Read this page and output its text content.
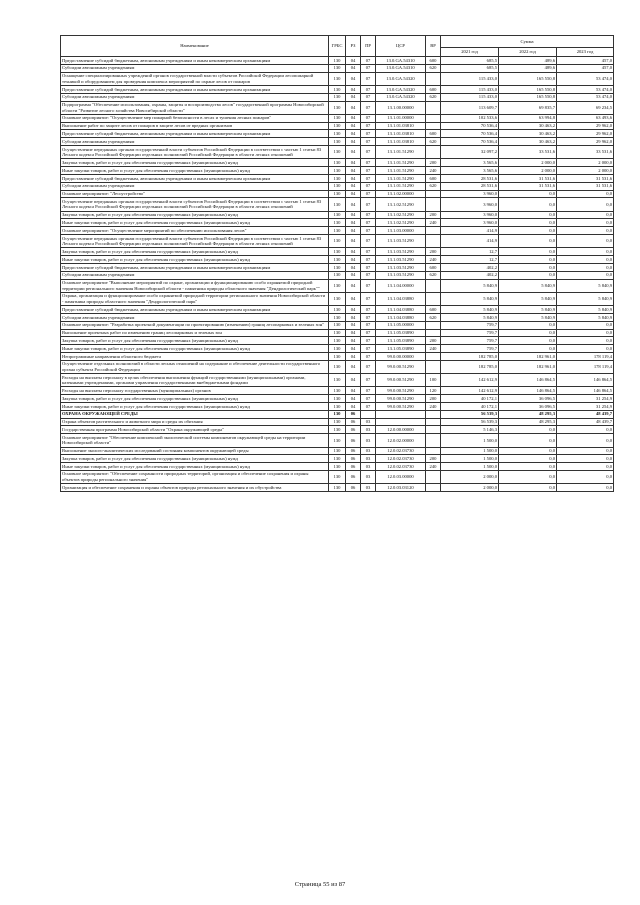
Наименование	ГРБС	РЗ	ПР	ЦСР	ВР	Сумма		
						2021 год	2022 год	2023 год
Предоставление субсидий бюджетным, автономным учреждениям и иным некоммерческим организациям	130	04	07	13.0.GA.54310	600	685,5	489,6	457,0
Субсидии автономным учреждениям	130	04	07	13.0.GA.54310	620	685,5	489,6	457,0
Оснащение специализированных учреждений органов государственной власти субъектов Российской Федерации лесопожарной техникой и оборудованием для проведения комплекса мероприятий по охране лесов от пожаров	130	04	07	13.0.GA.54320		115 433,0	165 550,8	53 474,0
Предоставление субсидий бюджетным, автономным учреждениям и иным некоммерческим организациям	130	04	07	13.0.GA.54320	600	115 433,0	165 550,8	53 474,0
Субсидии автономным учреждениям	130	04	07	13.0.GA.54320	620	115 433,0	165 550,8	53 474,0
Подпрограмма "Обеспечение использования, охраны, защиты и воспроизводства лесов" государственной программы Новосибирской области "Развитие лесного хозяйства Новосибирской области"	130	04	07	13.1.00.00000		113 609,7	69 835,7	69 234,5
Основное мероприятие: "Осуществление мер пожарной безопасности в лесах и тушения лесных пожаров"	130	04	07	13.1.01.00000		102 533,6	63 994,8	63 493,6
Выполнение работ по защите лесов от пожаров в защите лесов от вредных организмов	130	04	07	13.1.01.03810		70 536,4	30 463,2	29 962,0
Предоставление субсидий бюджетным, автономным учреждениям и иным некоммерческим организациям	130	04	07	13.1.01.03810	600	70 536,4	30 463,2	29 962,0
Субсидии автономным учреждениям	130	04	07	13.1.01.03810	620	70 536,4	30 463,2	29 962,0
Осуществление переданных органам государственной власти субъектов Российской Федерации в соответствии с частью 1 статьи 83 Лесного кодекса Российской Федерации отдельных полномочий Российской Федерации в области лесных отношений	130	04	07	13.1.01.51290		32 097,2	33 531,6	33 531,6
Закупка товаров, работ и услуг для обеспечения государственных (муниципальных) нужд	130	04	07	13.1.01.51290	200	3 565,6	2 000,0	2 000,0
Иные закупки товаров, работ и услуг для обеспечения государственных (муниципальных) нужд	130	04	07	13.1.01.51290	240	3 565,6	2 000,0	2 000,0
Предоставление субсидий бюджетным, автономным учреждениям и иным некоммерческим организациям	130	04	07	13.1.01.51290	600	28 531,6	31 531,6	31 531,6
Субсидии автономным учреждениям	130	04	07	13.1.01.51290	620	28 531,6	31 531,6	31 531,6
Основное мероприятие: "Лесоустройство"	130	04	07	13.1.02.00000		3 960,0	0,0	0,0
Осуществление переданных органам государственной власти субъектов Российской Федерации в соответствии с частью 1 статьи 83 Лесного кодекса Российской Федерации отдельных полномочий Российской Федерации в области лесных отношений	130	04	07	13.1.02.51290		3 960,0	0,0	0,0
Закупка товаров, работ и услуг для обеспечения государственных (муниципальных) нужд	130	04	07	13.1.02.51290	200	3 960,0	0,0	0,0
Иные закупки товаров, работ и услуг для обеспечения государственных (муниципальных) нужд	130	04	07	13.1.02.51290	240	3 960,0	0,0	0,0
Основное мероприятие: "Осуществление мероприятий по обеспечению использования лесов"	130	04	07	13.1.03.00000		414,9	0,0	0,0
Осуществление переданных органам государственной власти субъектов Российской Федерации в соответствии с частью 1 статьи 83 Лесного кодекса Российской Федерации отдельных полномочий Российской Федерации в области лесных отношений	130	04	07	13.1.03.51290		414,9	0,0	0,0
Закупка товаров, работ и услуг для обеспечения государственных (муниципальных) нужд	130	04	07	13.1.03.51290	200	12,7	0,0	0,0
Иные закупки товаров, работ и услуг для обеспечения государственных (муниципальных) нужд	130	04	07	13.1.03.51290	240	12,7	0,0	0,0
Предоставление субсидий бюджетным, автономным учреждениям и иным некоммерческим организациям	130	04	07	13.1.03.51290	600	402,2	0,0	0,0
Субсидии автономным учреждениям	130	04	07	13.1.03.51290	620	402,2	0,0	0,0
Основное мероприятие "Выполнение мероприятий по охране, организации и функционированию особо охраняемой природной территории регионального значения Новосибирской области - памятника природы областного значения "Дендрологический парк""	130	04	07	13.1.04.00000		5 840,9	5 840,9	5 840,9
Охрана, организация и функционирование особо охраняемой природной территории регионального значения Новосибирской области - памятника природы областного значения "Дендрологический парк"	130	04	07	13.1.04.03880		5 840,9	5 840,9	5 840,9
Предоставление субсидий бюджетным, автономным учреждениям и иным некоммерческим организациям	130	04	07	13.1.04.03880	600	5 840,9	5 840,9	5 840,9
Субсидии автономным учреждениям	130	04	07	13.1.04.03880	620	5 840,9	5 840,9	5 840,9
Основное мероприятие: "Разработка проектной документации по проектированию (изменению) границ лесопарковых и зеленых зон"	130	04	07	13.1.05.00000		759,7	0,0	0,0
Выполнение проектных работ по изменению границ лесопарковых и зеленых зон	130	04	07	13.1.05.03890		759,7	0,0	0,0
Закупка товаров, работ и услуг для обеспечения государственных (муниципальных) нужд	130	04	07	13.1.05.03890	200	759,7	0,0	0,0
Иные закупки товаров, работ и услуг для обеспечения государственных (муниципальных) нужд	130	04	07	13.1.05.03890	240	759,7	0,0	0,0
Непрограммные направления областного бюджета	130	04	07	99.0.00.00000		182 785,0	182 961,0	178 119,4
Осуществление отдельных полномочий в области лесных отношений на содержание и обеспечение деятельности государственного органа субъекта Российской Федерации	130	04	07	99.0.00.51290		182 785,0	182 961,0	178 119,4
Расходы на выплаты персоналу в целях обеспечения выполнения функций государственными (муниципальными) органами, казенными учреждениями, органами управления государственными внебюджетными фондами	130	04	07	99.0.00.51290	100	142 612,9	146 864,5	146 864,5
Расходы на выплаты персоналу государственных (муниципальных) органов	130	04	07	99.0.00.51290	120	142 612,9	146 864,5	146 864,5
Закупка товаров, работ и услуг для обеспечения государственных (муниципальных) нужд	130	04	07	99.0.00.51290	200	40 172,1	36 096,5	31 254,9
Иные закупки товаров, работ и услуг для обеспечения государственных (муниципальных) нужд	130	04	07	99.0.00.51290	240	40 172,1	36 096,5	31 254,9
ОХРАНА ОКРУЖАЮЩЕЙ СРЕДЫ	130	06				56 539,3	48 295,3	48 439,7
Охрана объектов растительного и животного мира и среды их обитания	130	06	03			56 539,3	48 295,3	48 439,7
Государственная программа Новосибирской области "Охрана окружающей среды"	130	06	03	12.0.00.00000		5 146,3	0,0	0,0
Основное мероприятие "Обеспечение комплексной экологической системы компонентов окружающей среды на территории Новосибирской области"	130	06	03	12.0.02.00000		1 500,0	0,0	0,0
Выполнение эколого-аналитических исследований состояния компонентов окружающей среды	130	06	03	12.0.02.03730		1 500,0	0,0	0,0
Закупка товаров, работ и услуг для обеспечения государственных (муниципальных) нужд	130	06	03	12.0.02.03730	200	1 500,0	0,0	0,0
Иные закупки товаров, работ и услуг для обеспечения государственных (муниципальных) нужд	130	06	03	12.0.02.03730	240	1 500,0	0,0	0,0
Основное мероприятие: "Обеспечение сохранности природных территорий, организация и обеспечение сохранения и охраны объектов природы регионального значения"	130	06	03	12.0.03.00000		2 000,0	0,0	0,0
Организация и обеспечение сохранения и охраны объектов природы регионального значения и их обустройства	130	06	03	12.0.03.03120		2 000,0	0,0	0,0
Страница 55 из 87
